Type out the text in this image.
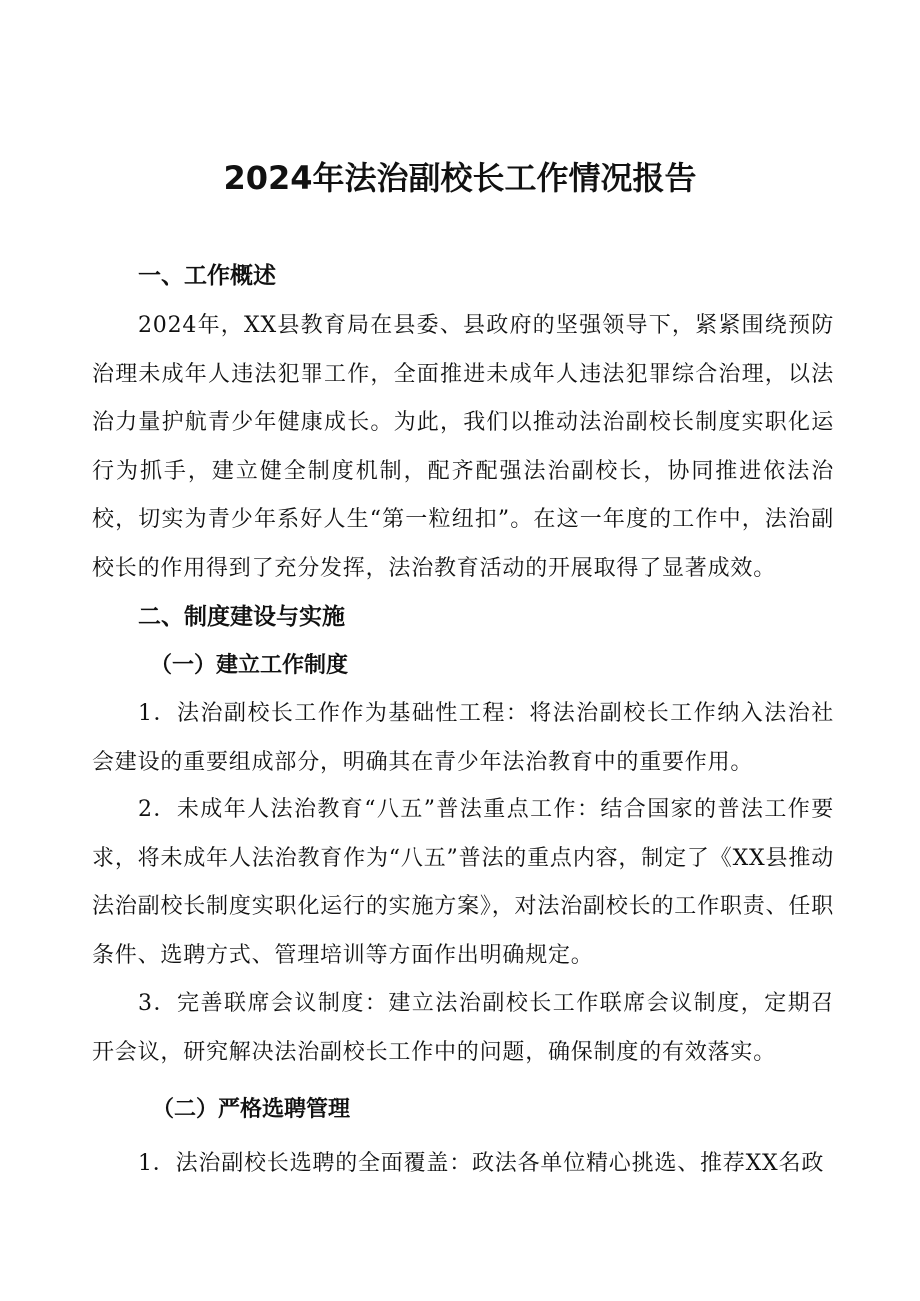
2024年法治副校长工作情况报告
一、工作概述

2024年，XX县教育局在县委、县政府的坚强领导下，紧紧围绕预防治理未成年人违法犯罪工作，全面推进未成年人违法犯罪综合治理，以法治力量护航青少年健康成长。为此，我们以推动法治副校长制度实职化运行为抓手，建立健全制度机制，配齐配强法治副校长，协同推进依法治校，切实为青少年系好人生“第一粒纽扣”。在这一年度的工作中，法治副校长的作用得到了充分发挥，法治教育活动的开展取得了显著成效。

二、制度建设与实施
（一）建立工作制度

1．法治副校长工作作为基础性工程：将法治副校长工作纳入法治社会建设的重要组成部分，明确其在青少年法治教育中的重要作用。

2．未成年人法治教育“八五”普法重点工作：结合国家的普法工作要求，将未成年人法治教育作为“八五”普法的重点内容，制定了《XX县推动法治副校长制度实职化运行的实施方案》，对法治副校长的工作职责、任职条件、选聘方式、管理培训等方面作出明确规定。

3．完善联席会议制度：建立法治副校长工作联席会议制度，定期召开会议，研究解决法治副校长工作中的问题，确保制度的有效落实。

（二）严格选聘管理

1．法治副校长选聘的全面覆盖：政法各单位精心挑选、推荐XX名政
